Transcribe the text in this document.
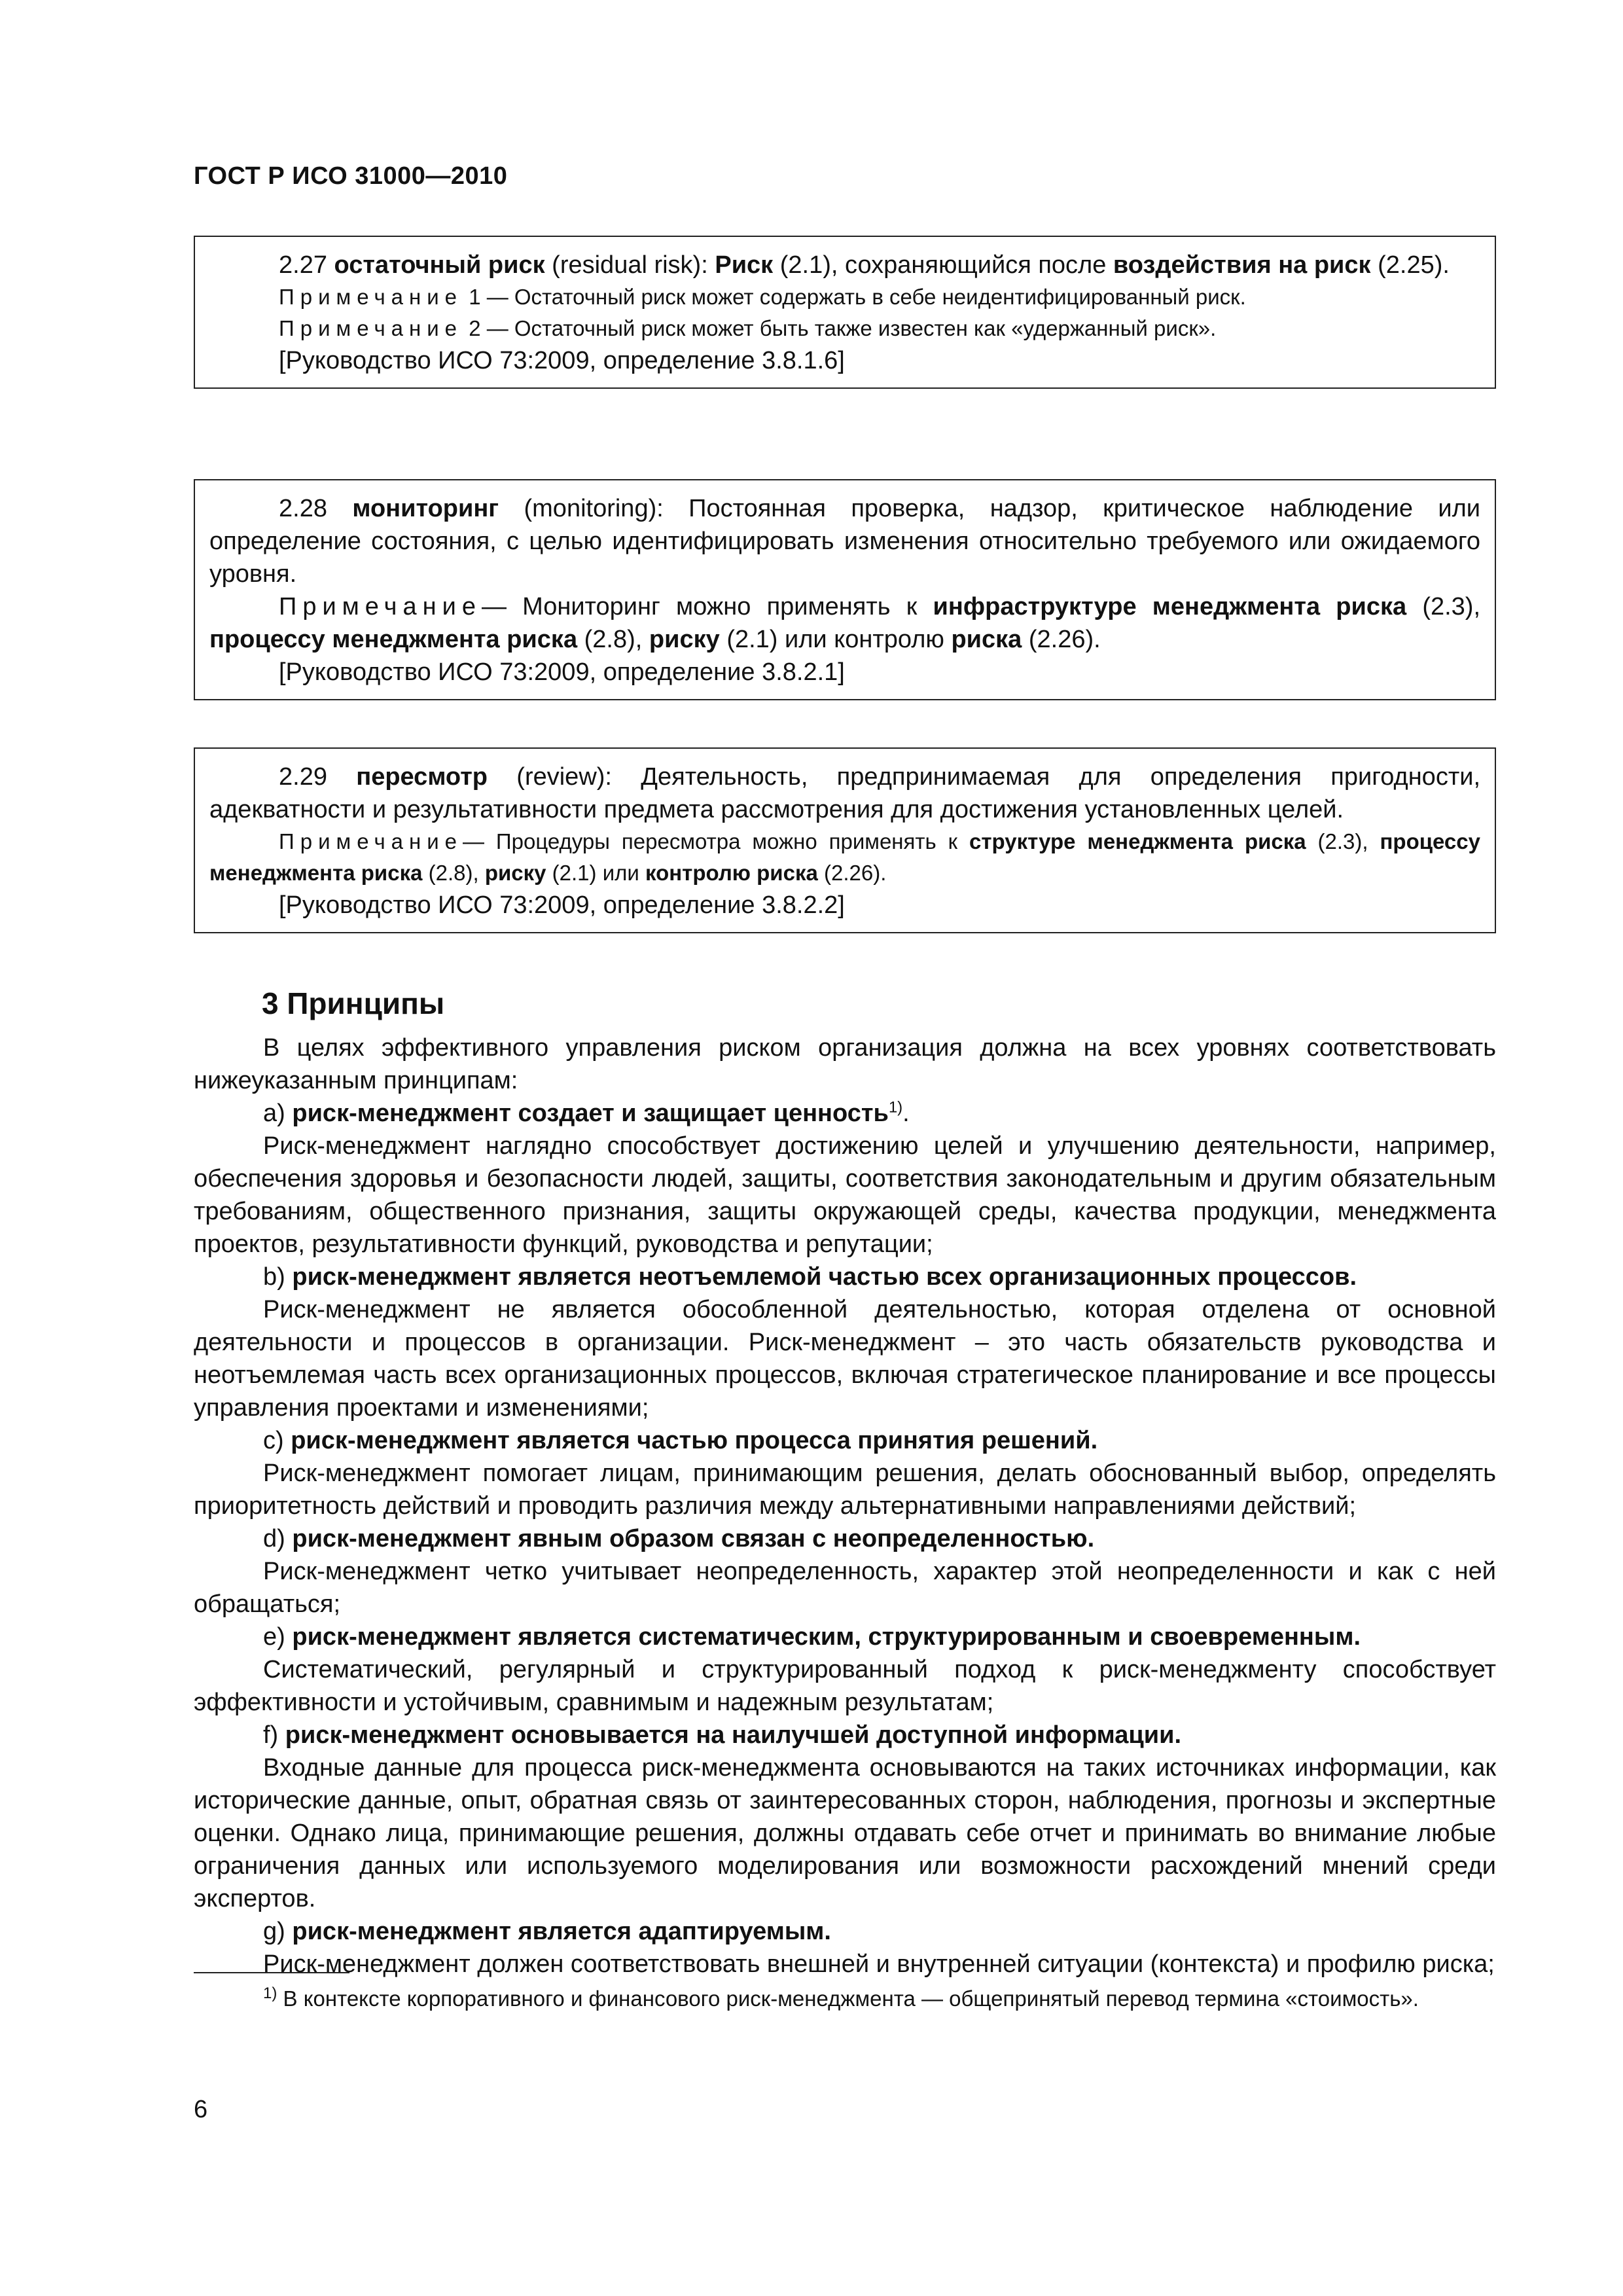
ГОСТ Р ИСО 31000—2010

2.27 остаточный риск (residual risk): Риск (2.1), сохраняющийся после воздействия на риск (2.25).

Примечание 1 — Остаточный риск может содержать в себе неидентифицированный риск.

Примечание 2 — Остаточный риск может быть также известен как «удержанный риск».

[Руководство ИСО 73:2009, определение 3.8.1.6]

2.28 мониторинг (monitoring): Постоянная проверка, надзор, критическое наблюдение или определение состояния, с целью идентифицировать изменения относительно требуемого или ожидаемого уровня.

Примечание— Мониторинг можно применять к инфраструктуре менеджмента риска (2.3), процессу менеджмента риска (2.8), риску (2.1) или контролю риска (2.26).

[Руководство ИСО 73:2009, определение 3.8.2.1]

2.29 пересмотр (review): Деятельность, предпринимаемая для определения пригодности, адекватности и результативности предмета рассмотрения для достижения установленных целей.

Примечание— Процедуры пересмотра можно применять к структуре менеджмента риска (2.3), процессу менеджмента риска (2.8), риску (2.1) или контролю риска (2.26).

[Руководство ИСО 73:2009, определение 3.8.2.2]

3 Принципы

В целях эффективного управления риском организация должна на всех уровнях соответствовать нижеуказанным принципам:

a) риск-менеджмент создает и защищает ценность$^{1)}$.

Риск-менеджмент наглядно способствует достижению целей и улучшению деятельности, например, обеспечения здоровья и безопасности людей, защиты, соответствия законодательным и другим обязательным требованиям, общественного признания, защиты окружающей среды, качества продукции, менеджмента проектов, результативности функций, руководства и репутации;

b) риск-менеджмент является неотъемлемой частью всех организационных процессов.

Риск-менеджмент не является обособленной деятельностью, которая отделена от основной деятельности и процессов в организации. Риск-менеджмент – это часть обязательств руководства и неотъемлемая часть всех организационных процессов, включая стратегическое планирование и все процессы управления проектами и изменениями;

c) риск-менеджмент является частью процесса принятия решений.

Риск-менеджмент помогает лицам, принимающим решения, делать обоснованный выбор, определять приоритетность действий и проводить различия между альтернативными направлениями действий;

d) риск-менеджмент явным образом связан с неопределенностью.

Риск-менеджмент четко учитывает неопределенность, характер этой неопределенности и как с ней обращаться;

e) риск-менеджмент является систематическим, структурированным и своевременным.

Систематический, регулярный и структурированный подход к риск-менеджменту способствует эффективности и устойчивым, сравнимым и надежным результатам;

f) риск-менеджмент основывается на наилучшей доступной информации.

Входные данные для процесса риск-менеджмента основываются на таких источниках информации, как исторические данные, опыт, обратная связь от заинтересованных сторон, наблюдения, прогнозы и экспертные оценки. Однако лица, принимающие решения, должны отдавать себе отчет и принимать во внимание любые ограничения данных или используемого моделирования или возможности расхождений мнений среди экспертов.

g) риск-менеджмент является адаптируемым.

Риск-менеджмент должен соответствовать внешней и внутренней ситуации (контекста) и профилю риска;

$^{1)}$ В контексте корпоративного и финансового риск-менеджмента — общепринятый перевод термина «стоимость».

6
